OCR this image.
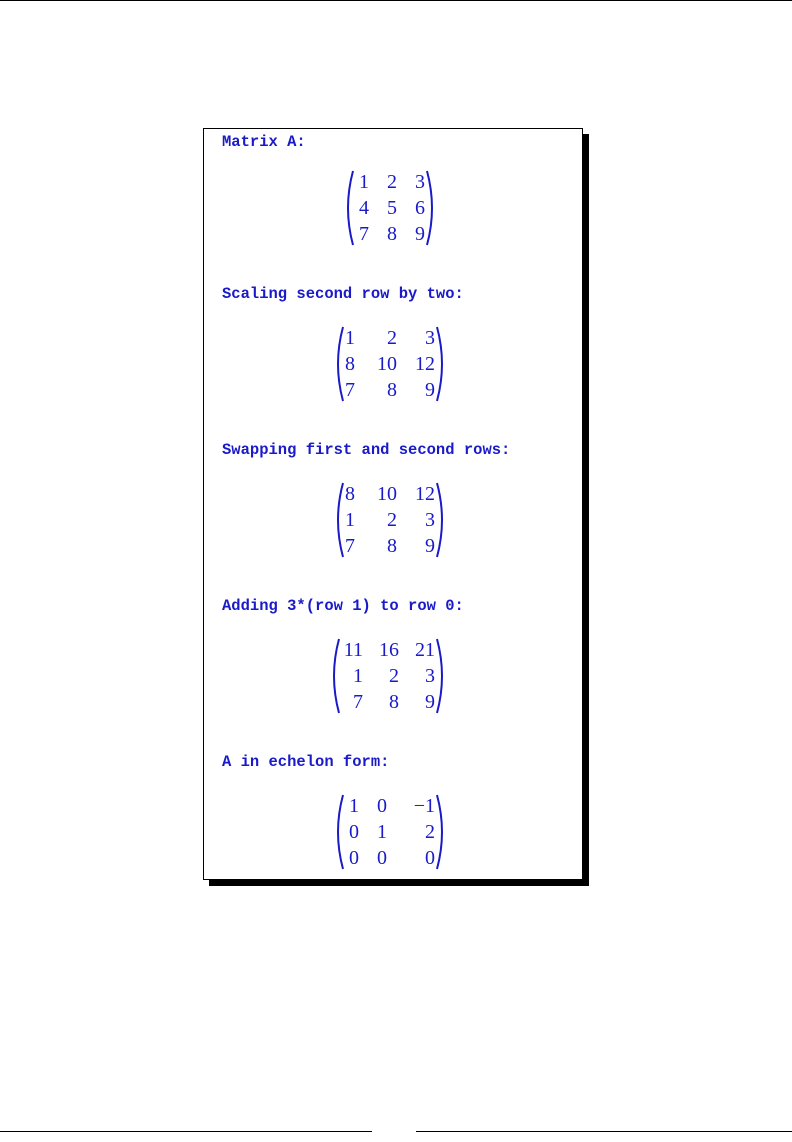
Matrix A:
1 2 3
4 5 6
7 8 9
Scaling second row by two:
1	2	3
8 10 12
7	8	9
Swapping first and second rows:
8 10 12
1	2	3
7	8	9
Adding 3*(row 1) to row 0:
11 16 21
1	2	3
7	8	9
A in echelon form:
1 0	−1
0 1	2
0 0	0
